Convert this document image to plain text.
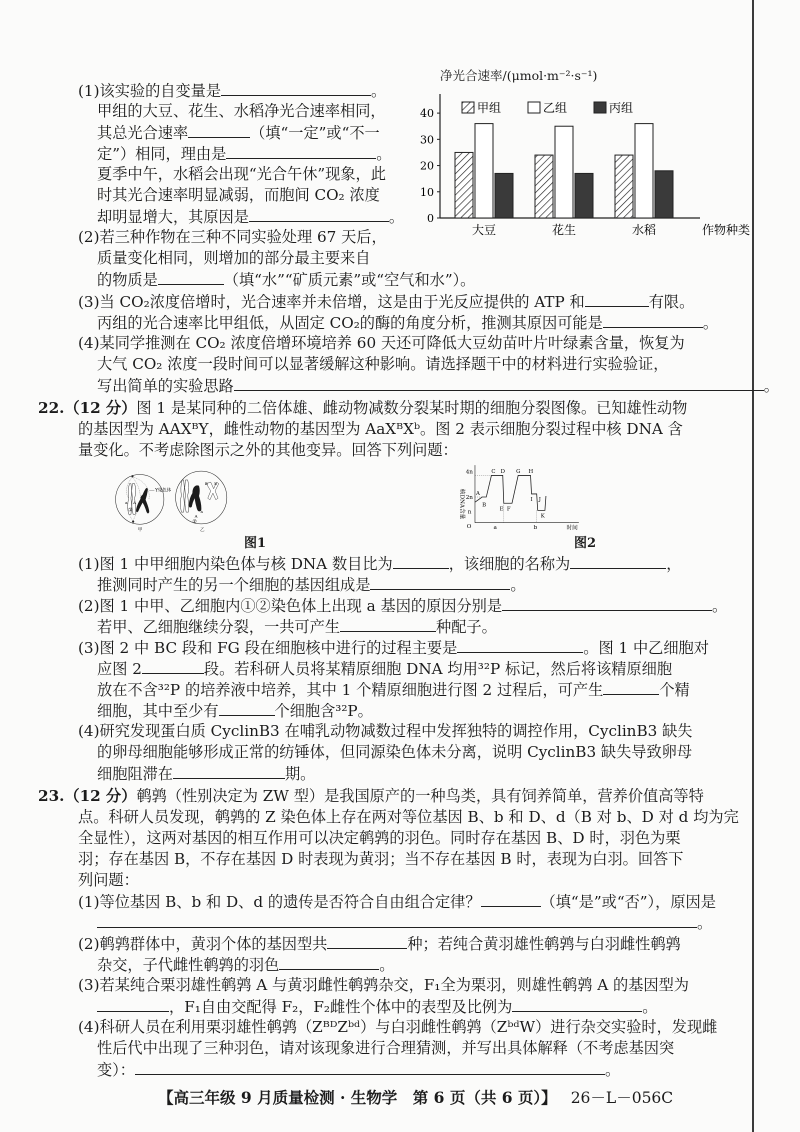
(1)该实验的自变量是	。
甲组的大豆、花生、水稻净光合速率相同，
其总光合速率	（填“一定”或“不一
定”）相同，理由是	。
夏季中午，水稻会出现“光合午休”现象，此
时其光合速率明显减弱，而胞间 CO₂ 浓度
却明显增大，其原因是	。
(2)若三种作物在三种不同实验处理 67 天后，
质量变化相同，则增加的部分最主要来自
的物质是	（填“水”“矿质元素”或“空气和水”）。
(3)当 CO₂浓度倍增时，光合速率并未倍增，这是由于光反应提供的 ATP 和	有限。
丙组的光合速率比甲组低，从固定 CO₂的酶的角度分析，推测其原因可能是	。
(4)某同学推测在 CO₂ 浓度倍增环境培养 60 天还可降低大豆幼苗叶片叶绿素含量，恢复为
大气 CO₂ 浓度一段时间可以显著缓解这种影响。请选择题干中的材料进行实验验证，
写出简单的实验思路	。
净光合速率/(μmol·m⁻²·s⁻¹)
甲组	乙组	丙组
0
10
20
30
40
大豆	花生	水稻	作物种类
22.（12 分）图 1 是某同种的二倍体雄、雌动物减数分裂某时期的细胞分裂图像。已知雄性动物
的基因型为 AAXᴮY，雌性动物的基因型为 AaXᴮXᵇ。图 2 表示细胞分裂过程中核 DNA 含
量变化。不考虑除图示之外的其他变异。回答下列问题：
A
a
Y染色体
①
甲
B b
a
A
②
乙
核DNA含量
4n
2n
n
O	时间
A
B
C D
E F
G H
I J
K
a	b
图1	图2
(1)图 1 中甲细胞内染色体与核 DNA 数目比为	，该细胞的名称为	，
推测同时产生的另一个细胞的基因组成是	。
(2)图 1 中甲、乙细胞内①②染色体上出现 a 基因的原因分别是	。
若甲、乙细胞继续分裂，一共可产生	种配子。
(3)图 2 中 BC 段和 FG 段在细胞核中进行的过程主要是	。图 1 中乙细胞对
应图 2	段。若科研人员将某精原细胞 DNA 均用³²P 标记，然后将该精原细胞
放在不含³²P 的培养液中培养，其中 1 个精原细胞进行图 2 过程后，可产生	个精
细胞，其中至少有	个细胞含³²P。
(4)研究发现蛋白质 CyclinB3 在哺乳动物减数过程中发挥独特的调控作用，CyclinB3 缺失
的卵母细胞能够形成正常的纺锤体，但同源染色体未分离，说明 CyclinB3 缺失导致卵母
细胞阻滞在	期。
23.（12 分）鹌鹑（性别决定为 ZW 型）是我国原产的一种鸟类，具有饲养简单，营养价值高等特
点。科研人员发现，鹌鹑的 Z 染色体上存在两对等位基因 B、b 和 D、d（B 对 b、D 对 d 均为完
全显性），这两对基因的相互作用可以决定鹌鹑的羽色。同时存在基因 B、D 时，羽色为栗
羽；存在基因 B，不存在基因 D 时表现为黄羽；当不存在基因 B 时，表现为白羽。回答下
列问题：
(1)等位基因 B、b 和 D、d 的遗传是否符合自由组合定律？	（填“是”或“否”），原因是
。
(2)鹌鹑群体中，黄羽个体的基因型共	种；若纯合黄羽雄性鹌鹑与白羽雌性鹌鹑
杂交，子代雌性鹌鹑的羽色	。
(3)若某纯合栗羽雄性鹌鹑 A 与黄羽雌性鹌鹑杂交，F₁全为栗羽，则雄性鹌鹑 A 的基因型为
，F₁自由交配得 F₂，F₂雌性个体中的表型及比例为	。
(4)科研人员在利用栗羽雄性鹌鹑（ZᴮᴰZᵇᵈ）与白羽雌性鹌鹑（ZᵇᵈW）进行杂交实验时，发现雌
【高三年级 9 月质量检测 · 生物学　第 6 页（共 6 页）】 26－L－056C
性后代中出现了三种羽色，请对该现象进行合理猜测，并写出具体解释（不考虑基因突
变）：	。
